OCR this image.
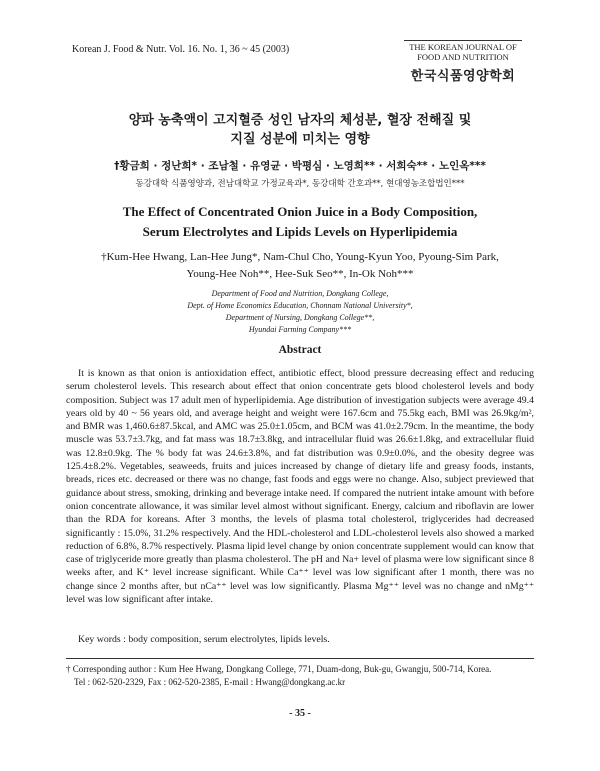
Korean J. Food & Nutr. Vol. 16. No. 1, 36 ~ 45 (2003)	THE KOREAN JOURNAL OF
FOOD AND NUTRITION
한국식품영양학회
양파 농축액이 고지혈증 성인 남자의 체성분, 혈장 전해질 및
지질 성분에 미치는 영향
†황금희 · 정난희* · 조남철 · 유영균 · 박평심 · 노영희** · 서희숙** · 노인옥***
동강대학 식품영양과, 전남대학교 가정교육과*, 동강대학 간호과**, 현대영농조합법인***
The Effect of Concentrated Onion Juice in a Body Composition,
Serum Electrolytes and Lipids Levels on Hyperlipidemia
†Kum-Hee Hwang, Lan-Hee Jung*, Nam-Chul Cho, Young-Kyun Yoo, Pyoung-Sim Park,
Young-Hee Noh**, Hee-Suk Seo**, In-Ok Noh***
Department of Food and Nutrition, Dongkang College,
Dept. of Home Economics Education, Chonnam National University*,
Department of Nursing, Dongkang College**,
Hyundai Farming Company***
Abstract

It is known as that onion is antioxidation effect, antibiotic effect, blood pressure decreasing effect and reducing serum cholesterol levels. This research about effect that onion concentrate gets blood cholesterol levels and body composition. Subject was 17 adult men of hyperlipidemia. Age distribution of investigation subjects were average 49.4 years old by 40 ~ 56 years old, and average height and weight were 167.6cm and 75.5kg each, BMI was 26.9kg/m², and BMR was 1,460.6±87.5kcal, and AMC was 25.0±1.05cm, and BCM was 41.0±2.79cm. In the meantime, the body muscle was 53.7±3.7kg, and fat mass was 18.7±3.8kg, and intracellular fluid was 26.6±1.8kg, and extracellular fluid was 12.8±0.9kg. The % body fat was 24.6±3.8%, and fat distribution was 0.9±0.0%, and the obesity degree was 125.4±8.2%. Vegetables, seaweeds, fruits and juices increased by change of dietary life and greasy foods, instants, breads, rices etc. decreased or there was no change, fast foods and eggs were no change. Also, subject previewed that guidance about stress, smoking, drinking and beverage intake need. If compared the nutrient intake amount with before onion concentrate allowance, it was similar level almost without significant. Energy, calcium and riboflavin are lower than the RDA for koreans. After 3 months, the levels of plasma total cholesterol, triglycerides had decreased significantly : 15.0%, 31.2% respectively. And the HDL-cholesterol and LDL-cholesterol levels also showed a marked reduction of 6.8%, 8.7% respectively. Plasma lipid level change by onion concentrate supplement would can know that case of triglyceride more greatly than plasma cholesterol. The pH and Na+ level of plasma were low significant since 8 weeks after, and K⁺ level increase significant. While Ca⁺⁺ level was low significant after 1 month, there was no change since 2 months after, but nCa⁺⁺ level was low significantly. Plasma Mg⁺⁺ level was no change and nMg⁺⁺ level was low significant after intake.

Key words : body composition, serum electrolytes, lipids levels.
† Corresponding author : Kum Hee Hwang, Dongkang College, 771, Duam-dong, Buk-gu, Gwangju, 500-714, Korea.
Tel : 062-520-2329, Fax : 062-520-2385, E-mail : Hwang@dongkang.ac.kr
- 35 -
